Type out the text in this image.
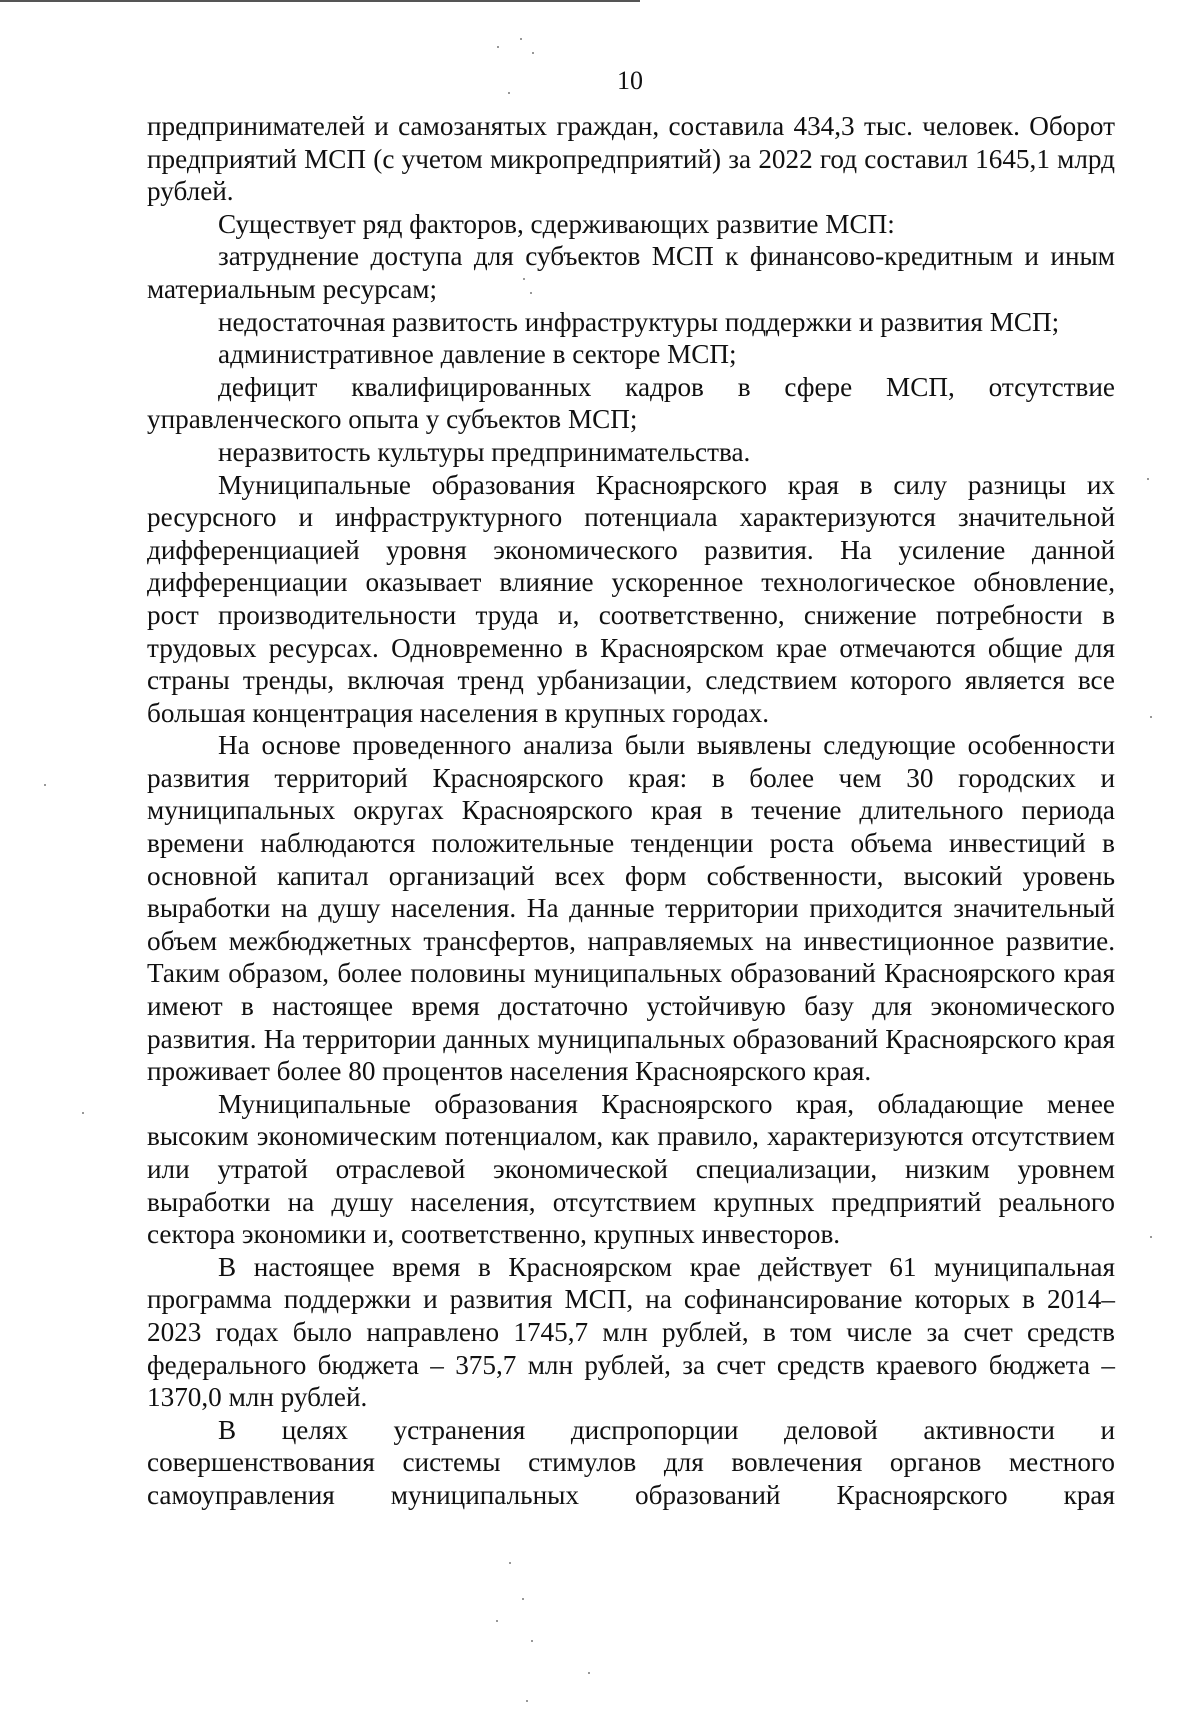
10

предпринимателей и самозанятых граждан, составила 434,3 тыс. человек. Оборот предприятий МСП (с учетом микропредприятий) за 2022 год составил 1645,1 млрд рублей.

Существует ряд факторов, сдерживающих развитие МСП:

затруднение доступа для субъектов МСП к финансово-кредитным и иным материальным ресурсам;

недостаточная развитость инфраструктуры поддержки и развития МСП;

административное давление в секторе МСП;

дефицит квалифицированных кадров в сфере МСП, отсутствие управленческого опыта у субъектов МСП;

неразвитость культуры предпринимательства.

Муниципальные образования Красноярского края в силу разницы их ресурсного и инфраструктурного потенциала характеризуются значительной дифференциацией уровня экономического развития. На усиление данной дифференциации оказывает влияние ускоренное технологическое обновление, рост производительности труда и, соответственно, снижение потребности в трудовых ресурсах. Одновременно в Красноярском крае отмечаются общие для страны тренды, включая тренд урбанизации, следствием которого является все большая концентрация населения в крупных городах.

На основе проведенного анализа были выявлены следующие особенности развития территорий Красноярского края: в более чем 30 городских и муниципальных округах Красноярского края в течение длительного периода времени наблюдаются положительные тенденции роста объема инвестиций в основной капитал организаций всех форм собственности, высокий уровень выработки на душу населения. На данные территории приходится значительный объем межбюджетных трансфертов, направляемых на инвестиционное развитие. Таким образом, более половины муниципальных образований Красноярского края имеют в настоящее время достаточно устойчивую базу для экономического развития. На территории данных муниципальных образований Красноярского края проживает более 80 процентов населения Красноярского края.

Муниципальные образования Красноярского края, обладающие менее высоким экономическим потенциалом, как правило, характеризуются отсутствием или утратой отраслевой экономической специализации, низким уровнем выработки на душу населения, отсутствием крупных предприятий реального сектора экономики и, соответственно, крупных инвесторов.

В настоящее время в Красноярском крае действует 61 муниципальная программа поддержки и развития МСП, на софинансирование которых в 2014–2023 годах было направлено 1745,7 млн рублей, в том числе за счет средств федерального бюджета – 375,7 млн рублей, за счет средств краевого бюджета – 1370,0 млн рублей.

В целях устранения диспропорции деловой активности и совершенствования системы стимулов для вовлечения органов местного самоуправления муниципальных образований Красноярского края
